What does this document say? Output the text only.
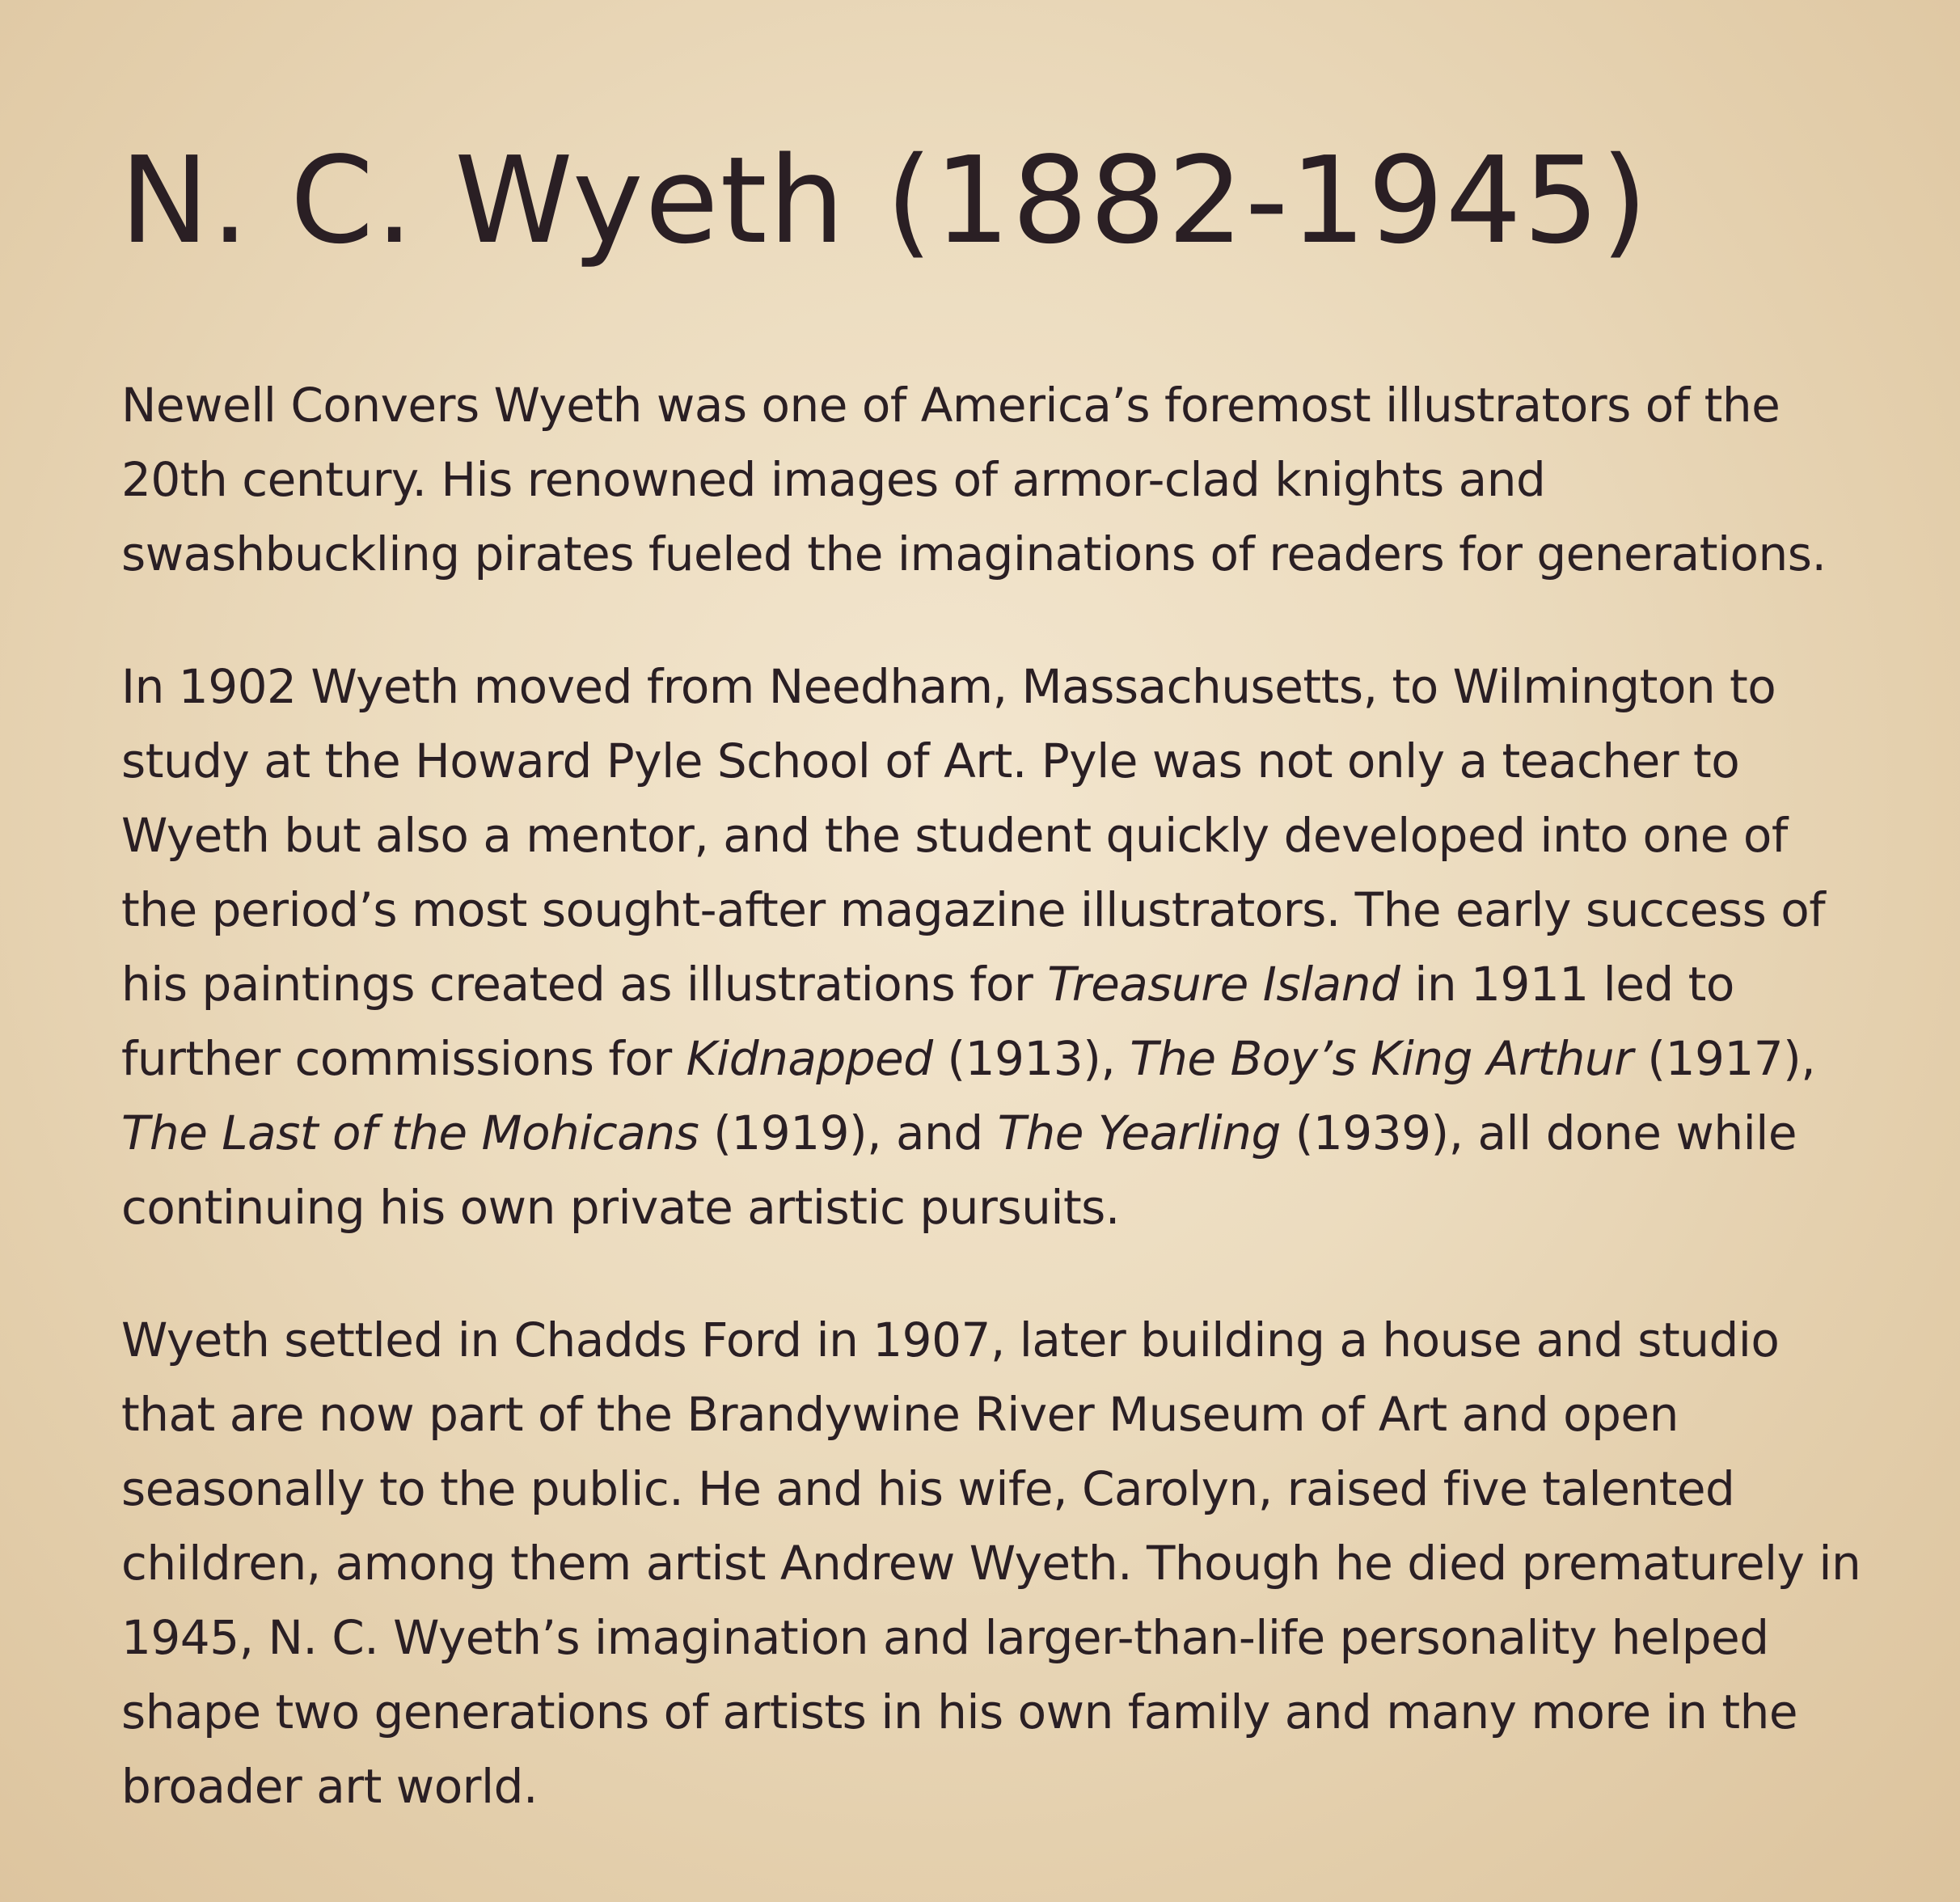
N. C. Wyeth (1882-1945)

Newell Convers Wyeth was one of America’s foremost illustrators of the 20th century. His renowned images of armor-clad knights and swashbuckling pirates fueled the imaginations of readers for generations.

In 1902 Wyeth moved from Needham, Massachusetts, to Wilmington to study at the Howard Pyle School of Art. Pyle was not only a teacher to Wyeth but also a mentor, and the student quickly developed into one of the period’s most sought-after magazine illustrators. The early success of his paintings created as illustrations for Treasure Island in 1911 led to further commissions for Kidnapped (1913), The Boy’s King Arthur (1917), The Last of the Mohicans (1919), and The Yearling (1939), all done while continuing his own private artistic pursuits.

Wyeth settled in Chadds Ford in 1907, later building a house and studio that are now part of the Brandywine River Museum of Art and open seasonally to the public. He and his wife, Carolyn, raised five talented children, among them artist Andrew Wyeth. Though he died prematurely in 1945, N. C. Wyeth’s imagination and larger-than-life personality helped shape two generations of artists in his own family and many more in the broader art world.
